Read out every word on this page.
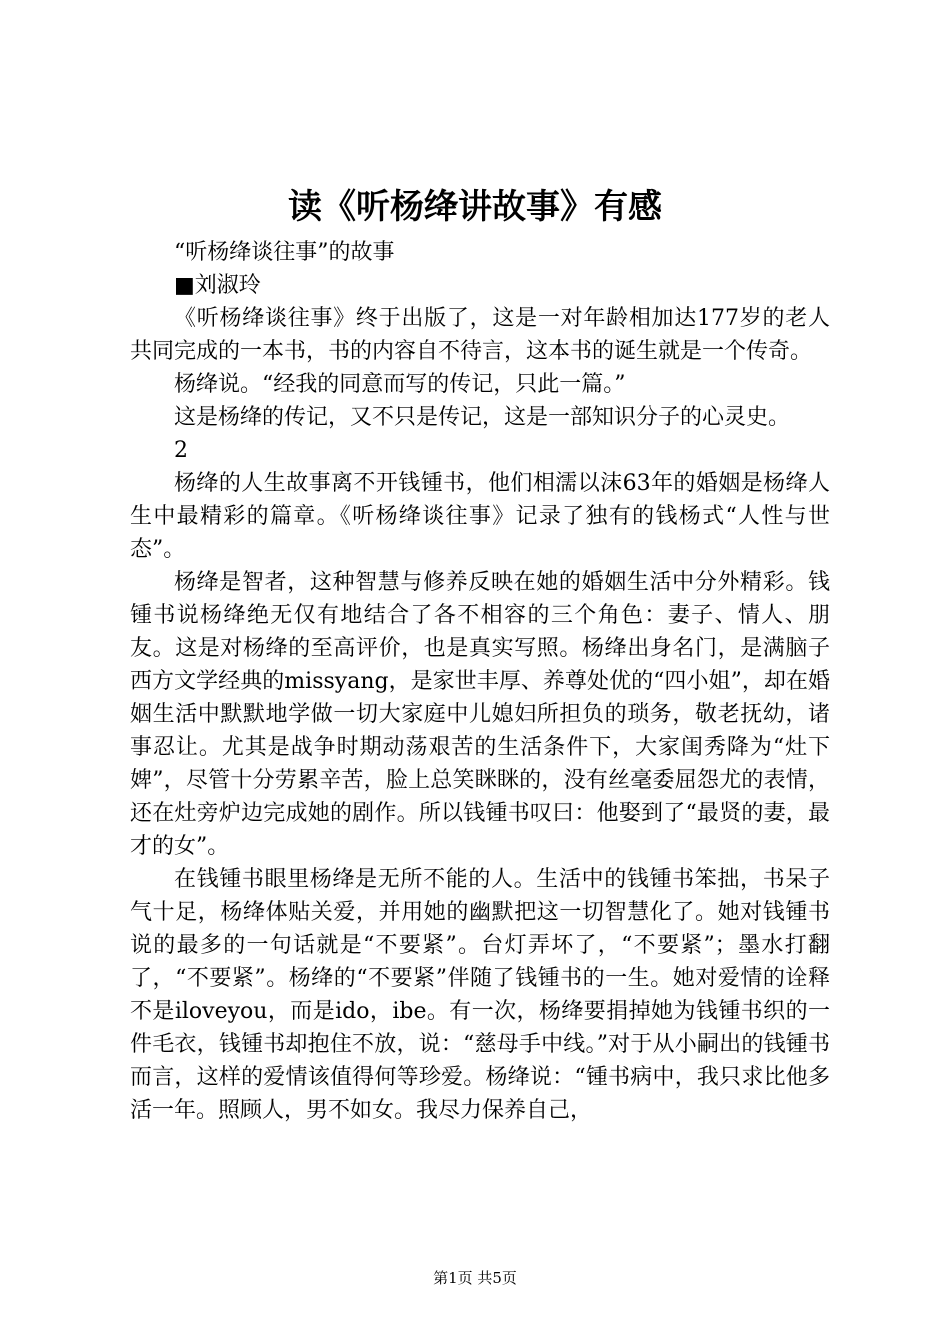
读《听杨绛讲故事》有感

“听杨绛谈往事”的故事

■刘淑玲

《听杨绛谈往事》终于出版了，这是一对年龄相加达177岁的老人共同完成的一本书，书的内容自不待言，这本书的诞生就是一个传奇。

杨绛说。“经我的同意而写的传记，只此一篇。”

这是杨绛的传记，又不只是传记，这是一部知识分子的心灵史。

2

杨绛的人生故事离不开钱锺书，他们相濡以沫63年的婚姻是杨绛人生中最精彩的篇章。《听杨绛谈往事》记录了独有的钱杨式“人性与世态”。

杨绛是智者，这种智慧与修养反映在她的婚姻生活中分外精彩。钱锺书说杨绛绝无仅有地结合了各不相容的三个角色：妻子、情人、朋友。这是对杨绛的至高评价，也是真实写照。杨绛出身名门，是满脑子西方文学经典的missyang，是家世丰厚、养尊处优的“四小姐”，却在婚姻生活中默默地学做一切大家庭中儿媳妇所担负的琐务，敬老抚幼，诸事忍让。尤其是战争时期动荡艰苦的生活条件下，大家闺秀降为“灶下婢”，尽管十分劳累辛苦，脸上总笑眯眯的，没有丝毫委屈怨尤的表情，还在灶旁炉边完成她的剧作。所以钱锺书叹曰：他娶到了“最贤的妻，最才的女”。

在钱锺书眼里杨绛是无所不能的人。生活中的钱锺书笨拙，书呆子气十足，杨绛体贴关爱，并用她的幽默把这一切智慧化了。她对钱锺书说的最多的一句话就是“不要紧”。台灯弄坏了，“不要紧”；墨水打翻了，“不要紧”。杨绛的“不要紧”伴随了钱锺书的一生。她对爱情的诠释不是iloveyou，而是ido，ibe。有一次，杨绛要捐掉她为钱锺书织的一件毛衣，钱锺书却抱住不放，说：“慈母手中线。”对于从小嗣出的钱锺书而言，这样的爱情该值得何等珍爱。杨绛说：“锺书病中，我只求比他多活一年。照顾人，男不如女。我尽力保养自己，

第1页 共5页
